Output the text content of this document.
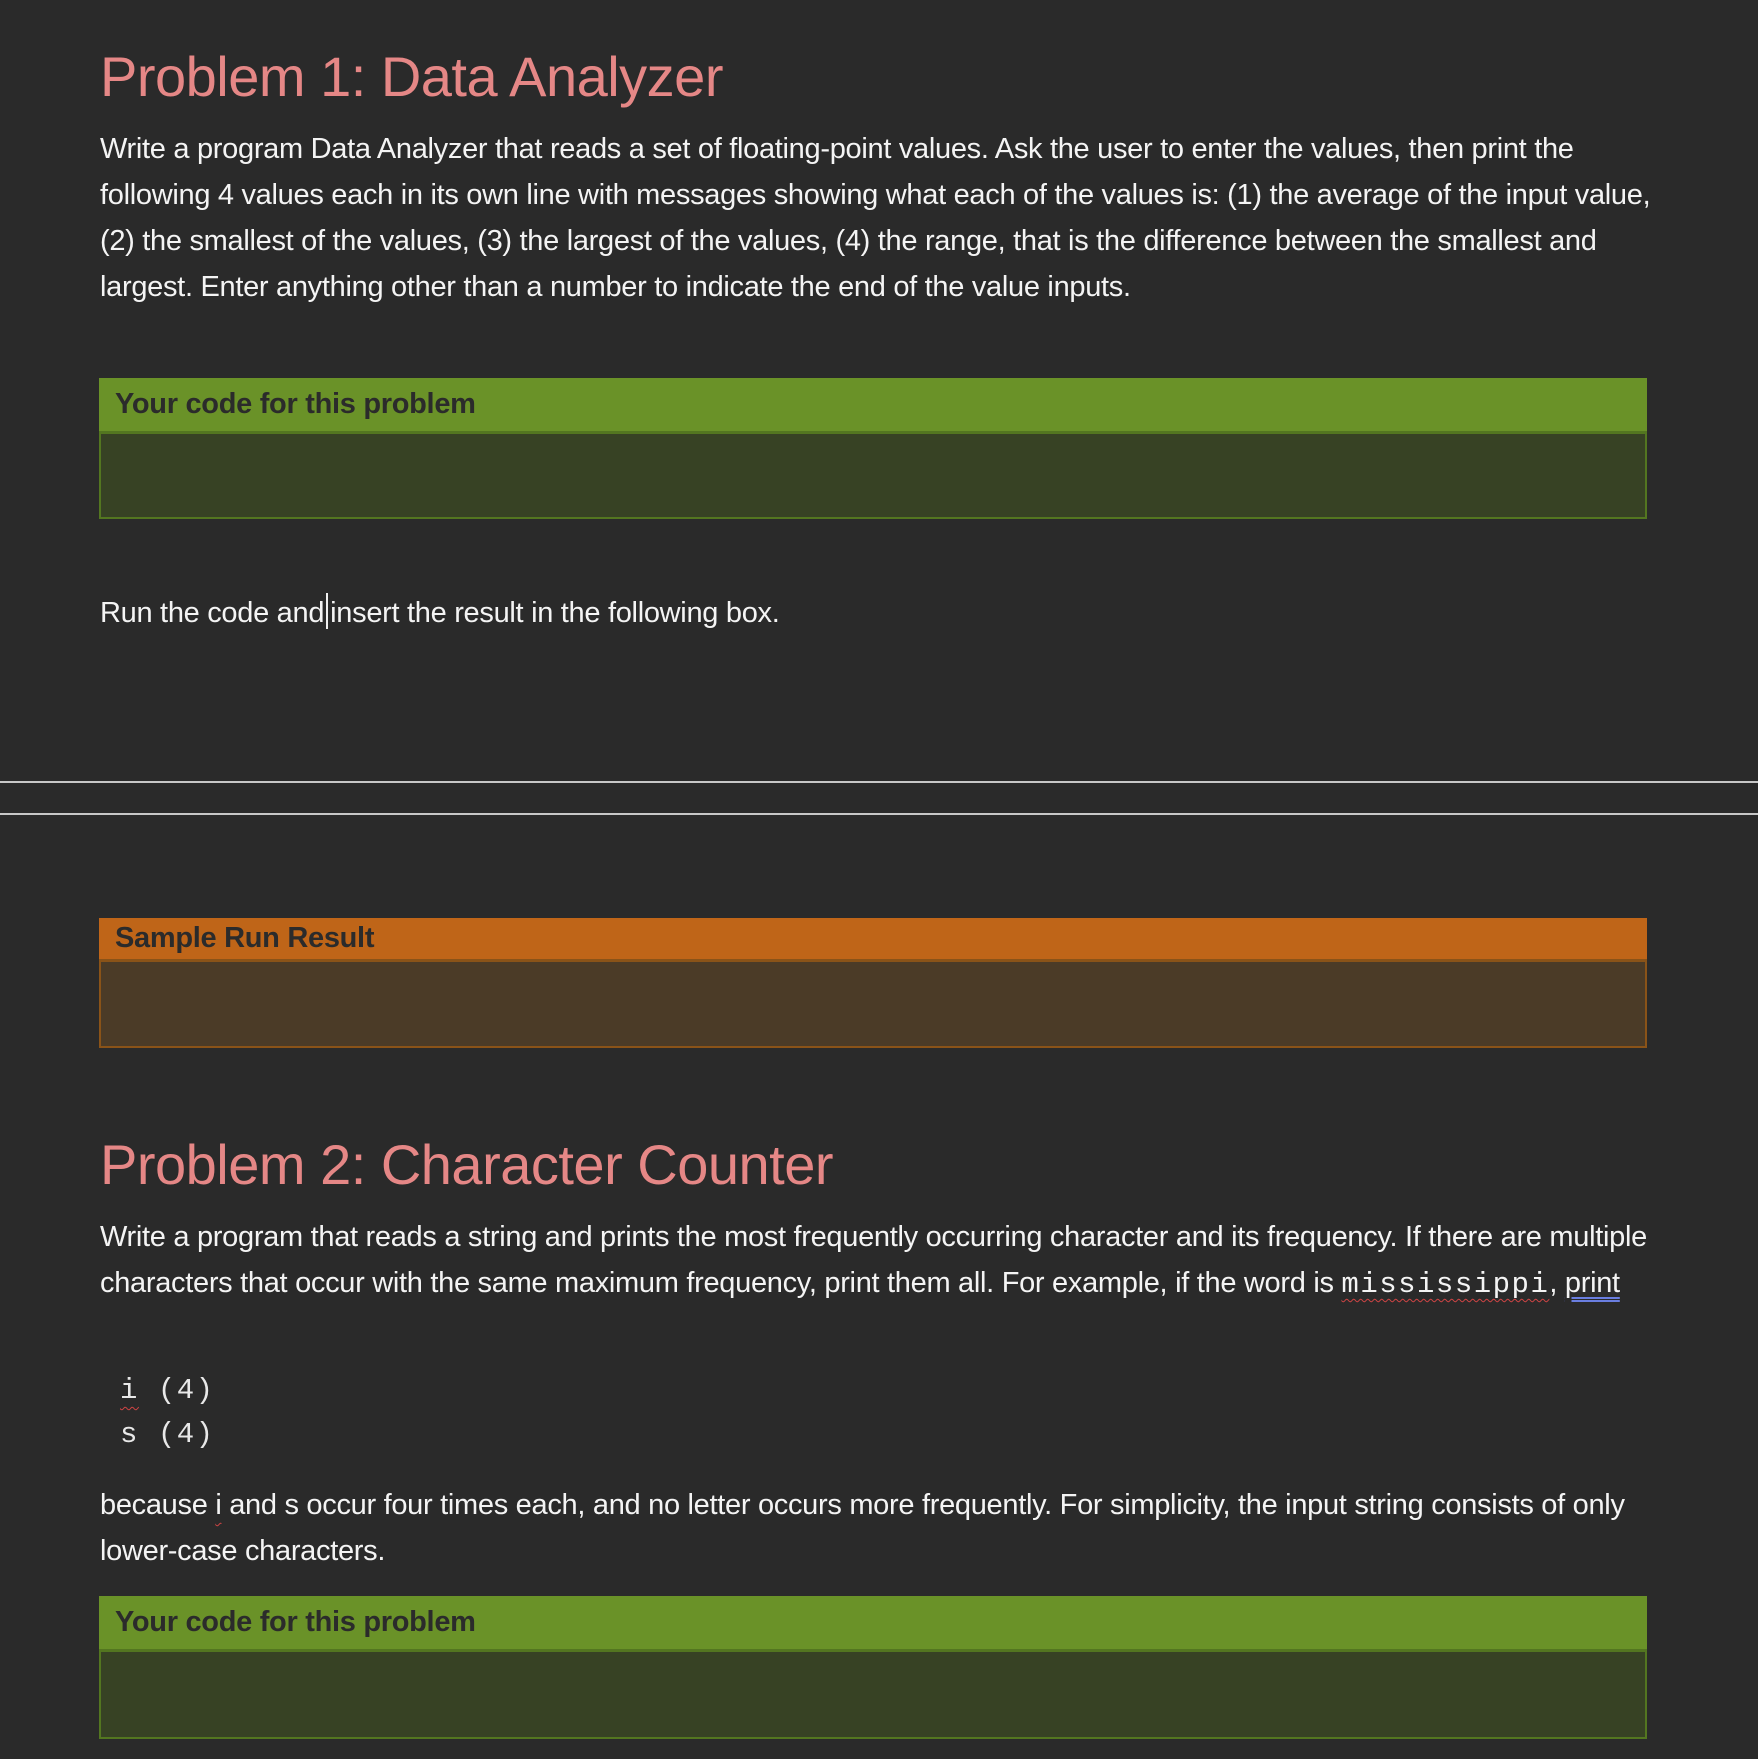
Problem 1: Data Analyzer

Write a program Data Analyzer that reads a set of floating-point values. Ask the user to enter the values, then print the following 4 values each in its own line with messages showing what each of the values is: (1) the average of the input value, (2) the smallest of the values, (3) the largest of the values, (4) the range, that is the difference between the smallest and largest. Enter anything other than a number to indicate the end of the value inputs.

Your code for this problem

Run the code and insert the result in the following box.

Sample Run Result
Problem 2: Character Counter

Write a program that reads a string and prints the most frequently occurring character and its frequency. If there are multiple characters that occur with the same maximum frequency, print them all. For example, if the word is mississippi, print

i (4)
s (4)

because i and s occur four times each, and no letter occurs more frequently. For simplicity, the input string consists of only lower-case characters.

Your code for this problem
